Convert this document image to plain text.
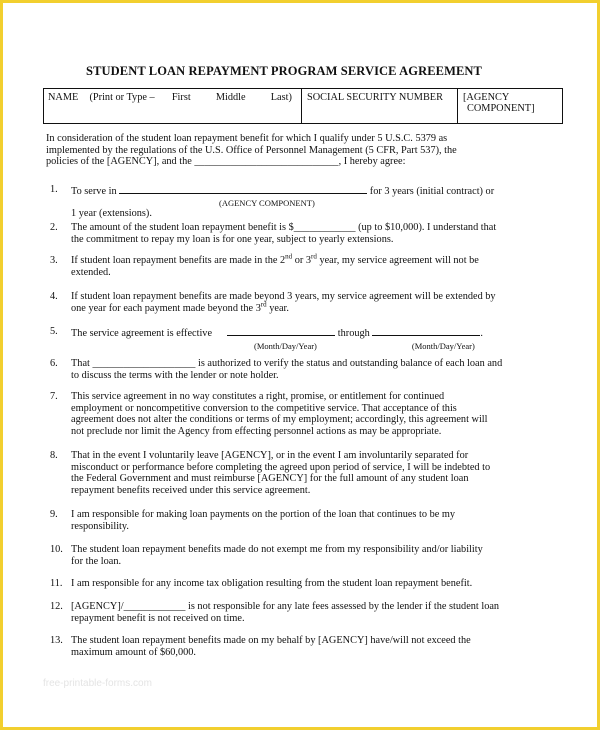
STUDENT LOAN REPAYMENT PROGRAM SERVICE AGREEMENT
NAME (Print or Type – First Middle Last)	SOCIAL SECURITY NUMBER	[AGENCY
COMPONENT]

In consideration of the student loan repayment benefit for which I qualify under 5 U.S.C. 5379 as

implemented by the regulations of the U.S. Office of Personnel Management (5 CFR, Part 537), the

policies of the [AGENCY], and the ____________________________, I hereby agree:

1. To serve in	for 3 years (initial contract) or

(AGENCY COMPONENT)

1 year (extensions).

2. The amount of the student loan repayment benefit is $____________ (up to $10,000). I understand that

the commitment to repay my loan is for one year, subject to yearly extensions.

3. If student loan repayment benefits are made in the 2nd or 3rd year, my service agreement will not be

extended.

4. If student loan repayment benefits are made beyond 3 years, my service agreement will be extended by

one year for each payment made beyond the 3rd year.

5. The service agreement is effective	through	.

(Month/Day/Year)	(Month/Day/Year)

6. That ____________________ is authorized to verify the status and outstanding balance of each loan and

to discuss the terms with the lender or note holder.

7. This service agreement in no way constitutes a right, promise, or entitlement for continued

employment or noncompetitive conversion to the competitive service. That acceptance of this

agreement does not alter the conditions or terms of my employment; accordingly, this agreement will

not preclude nor limit the Agency from effecting personnel actions as may be appropriate.

8. That in the event I voluntarily leave [AGENCY], or in the event I am involuntarily separated for

misconduct or performance before completing the agreed upon period of service, I will be indebted to

the Federal Government and must reimburse [AGENCY] for the full amount of any student loan

repayment benefits received under this service agreement.

9. I am responsible for making loan payments on the portion of the loan that continues to be my

responsibility.

10. The student loan repayment benefits made do not exempt me from my responsibility and/or liability

for the loan.

11. I am responsible for any income tax obligation resulting from the student loan repayment benefit.

12. [AGENCY]/____________ is not responsible for any late fees assessed by the lender if the student loan

repayment benefit is not received on time.

13. The student loan repayment benefits made on my behalf by [AGENCY] have/will not exceed the

maximum amount of $60,000.

free-printable-forms.com
